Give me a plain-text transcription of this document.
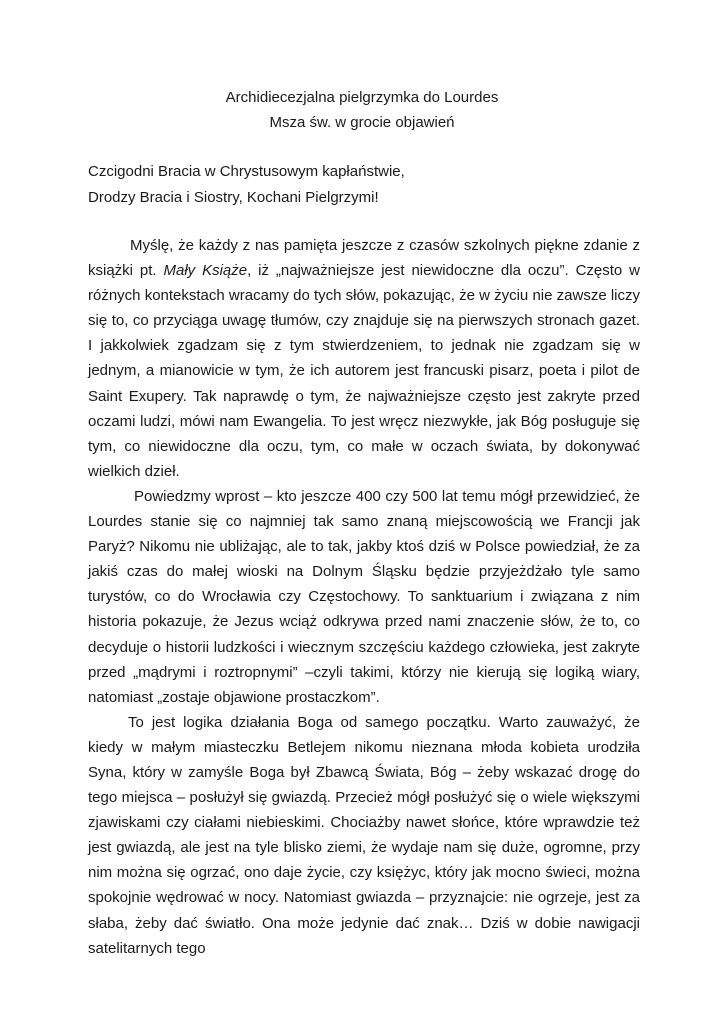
Archidiecezjalna pielgrzymka do Lourdes
Msza św. w grocie objawień
Czcigodni Bracia w Chrystusowym kapłaństwie,
Drodzy Bracia i Siostry, Kochani Pielgrzymi!

Myślę, że każdy z nas pamięta jeszcze z czasów szkolnych piękne zdanie z książki pt. Mały Książe, iż „najważniejsze jest niewidoczne dla oczu”. Często w różnych kontekstach wracamy do tych słów, pokazując, że w życiu nie zawsze liczy się to, co przyciąga uwagę tłumów, czy znajduje się na pierwszych stronach gazet. I jakkolwiek zgadzam się z tym stwierdzeniem, to jednak nie zgadzam się w jednym, a mianowicie w tym, że ich autorem jest francuski pisarz, poeta i pilot de Saint Exupery. Tak naprawdę o tym, że najważniejsze często jest zakryte przed oczami ludzi, mówi nam Ewangelia. To jest wręcz niezwykłe, jak Bóg posługuje się tym, co niewidoczne dla oczu, tym, co małe w oczach świata, by dokonywać wielkich dzieł.

Powiedzmy wprost – kto jeszcze 400 czy 500 lat temu mógł przewidzieć, że Lourdes stanie się co najmniej tak samo znaną miejscowością we Francji jak Paryż? Nikomu nie ubliżając, ale to tak, jakby ktoś dziś w Polsce powiedział, że za jakiś czas do małej wioski na Dolnym Śląsku będzie przyjeżdżało tyle samo turystów, co do Wrocławia czy Częstochowy. To sanktuarium i związana z nim historia pokazuje, że Jezus wciąż odkrywa przed nami znaczenie słów, że to, co decyduje o historii ludzkości i wiecznym szczęściu każdego człowieka, jest zakryte przed „mądrymi i roztropnymi” –czyli takimi, którzy nie kierują się logiką wiary, natomiast „zostaje objawione prostaczkom”.

To jest logika działania Boga od samego początku. Warto zauważyć, że kiedy w małym miasteczku Betlejem nikomu nieznana młoda kobieta urodziła Syna, który w zamyśle Boga był Zbawcą Świata, Bóg – żeby wskazać drogę do tego miejsca – posłużył się gwiazdą. Przecież mógł posłużyć się o wiele większymi zjawiskami czy ciałami niebieskimi. Chociażby nawet słońce, które wprawdzie też jest gwiazdą, ale jest na tyle blisko ziemi, że wydaje nam się duże, ogromne, przy nim można się ogrzać, ono daje życie, czy księżyc, który jak mocno świeci, można spokojnie wędrować w nocy. Natomiast gwiazda – przyznajcie: nie ogrzeje, jest za słaba, żeby dać światło. Ona może jedynie dać znak… Dziś w dobie nawigacji satelitarnych tego
